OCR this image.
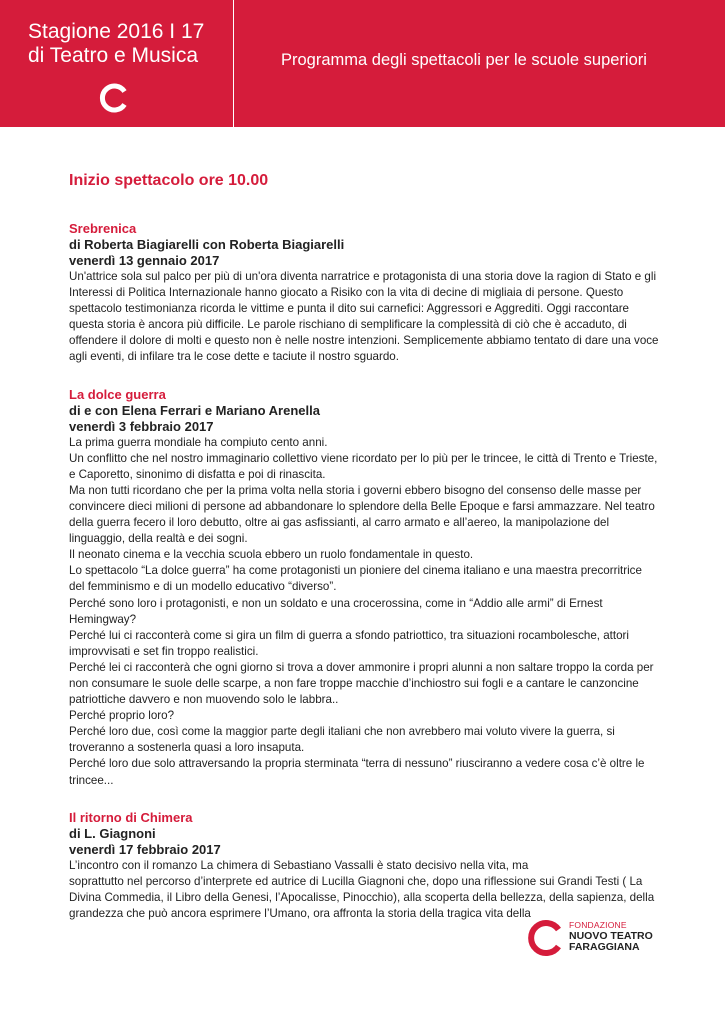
Stagione 2016 I 17
di Teatro e Musica	Programma degli spettacoli per le scuole superiori
Inizio spettacolo ore 10.00
Srebrenica
di Roberta Biagiarelli con Roberta Biagiarelli
venerdì 13 gennaio 2017

Un'attrice sola sul palco per più di un'ora diventa narratrice e protagonista di una storia dove la ragion di Stato e gli Interessi di Politica Internazionale hanno giocato a Risiko con la vita di decine di migliaia di persone. Questo spettacolo testimonianza ricorda le vittime e punta il dito sui carnefici: Aggressori e Aggrediti. Oggi raccontare questa storia è ancora più difficile. Le parole rischiano di semplificare la complessità di ciò che è accaduto, di offendere il dolore di molti e questo non è nelle nostre intenzioni. Semplicemente abbiamo tentato di dare una voce agli eventi, di infilare tra le cose dette e taciute il nostro sguardo.

La dolce guerra
di e con Elena Ferrari e Mariano Arenella
venerdì 3 febbraio 2017

La prima guerra mondiale ha compiuto cento anni.

Un conflitto che nel nostro immaginario collettivo viene ricordato per lo più per le trincee, le città di Trento e Trieste, e Caporetto, sinonimo di disfatta e poi di rinascita.

Ma non tutti ricordano che per la prima volta nella storia i governi ebbero bisogno del consenso delle masse per convincere dieci milioni di persone ad abbandonare lo splendore della Belle Epoque e farsi ammazzare. Nel teatro della guerra fecero il loro debutto, oltre ai gas asfissianti, al carro armato e all’aereo, la manipolazione del linguaggio, della realtà e dei sogni.

Il neonato cinema e la vecchia scuola ebbero un ruolo fondamentale in questo.

Lo spettacolo “La dolce guerra” ha come protagonisti un pioniere del cinema italiano e una maestra precorritrice del femminismo e di un modello educativo “diverso”.

Perché sono loro i protagonisti, e non un soldato e una crocerossina, come in “Addio alle armi” di Ernest Hemingway?

Perché lui ci racconterà come si gira un film di guerra a sfondo patriottico, tra situazioni rocambolesche, attori improvvisati e set fin troppo realistici.

Perché lei ci racconterà che ogni giorno si trova a dover ammonire i propri alunni a non saltare troppo la corda per non consumare le suole delle scarpe, a non fare troppe macchie d’inchiostro sui fogli e a cantare le canzoncine patriottiche davvero e non muovendo solo le labbra..

Perché proprio loro?

Perché loro due, così come la maggior parte degli italiani che non avrebbero mai voluto vivere la guerra, si troveranno a sostenerla quasi a loro insaputa.

Perché loro due solo attraversando la propria sterminata “terra di nessuno” riusciranno a vedere cosa c’è oltre le trincee...

Il ritorno di Chimera
di L. Giagnoni
venerdì 17 febbraio 2017

L’incontro con il romanzo La chimera di Sebastiano Vassalli è stato decisivo nella vita, ma

soprattutto nel percorso d’interprete ed autrice di Lucilla Giagnoni che, dopo una riflessione sui Grandi Testi ( La Divina Commedia, il Libro della Genesi, l’Apocalisse, Pinocchio), alla scoperta della bellezza, della sapienza, della grandezza che può ancora esprimere l’Umano, ora affronta la storia della tragica vita della

FONDAZIONE
NUOVO TEATRO
FARAGGIANA
